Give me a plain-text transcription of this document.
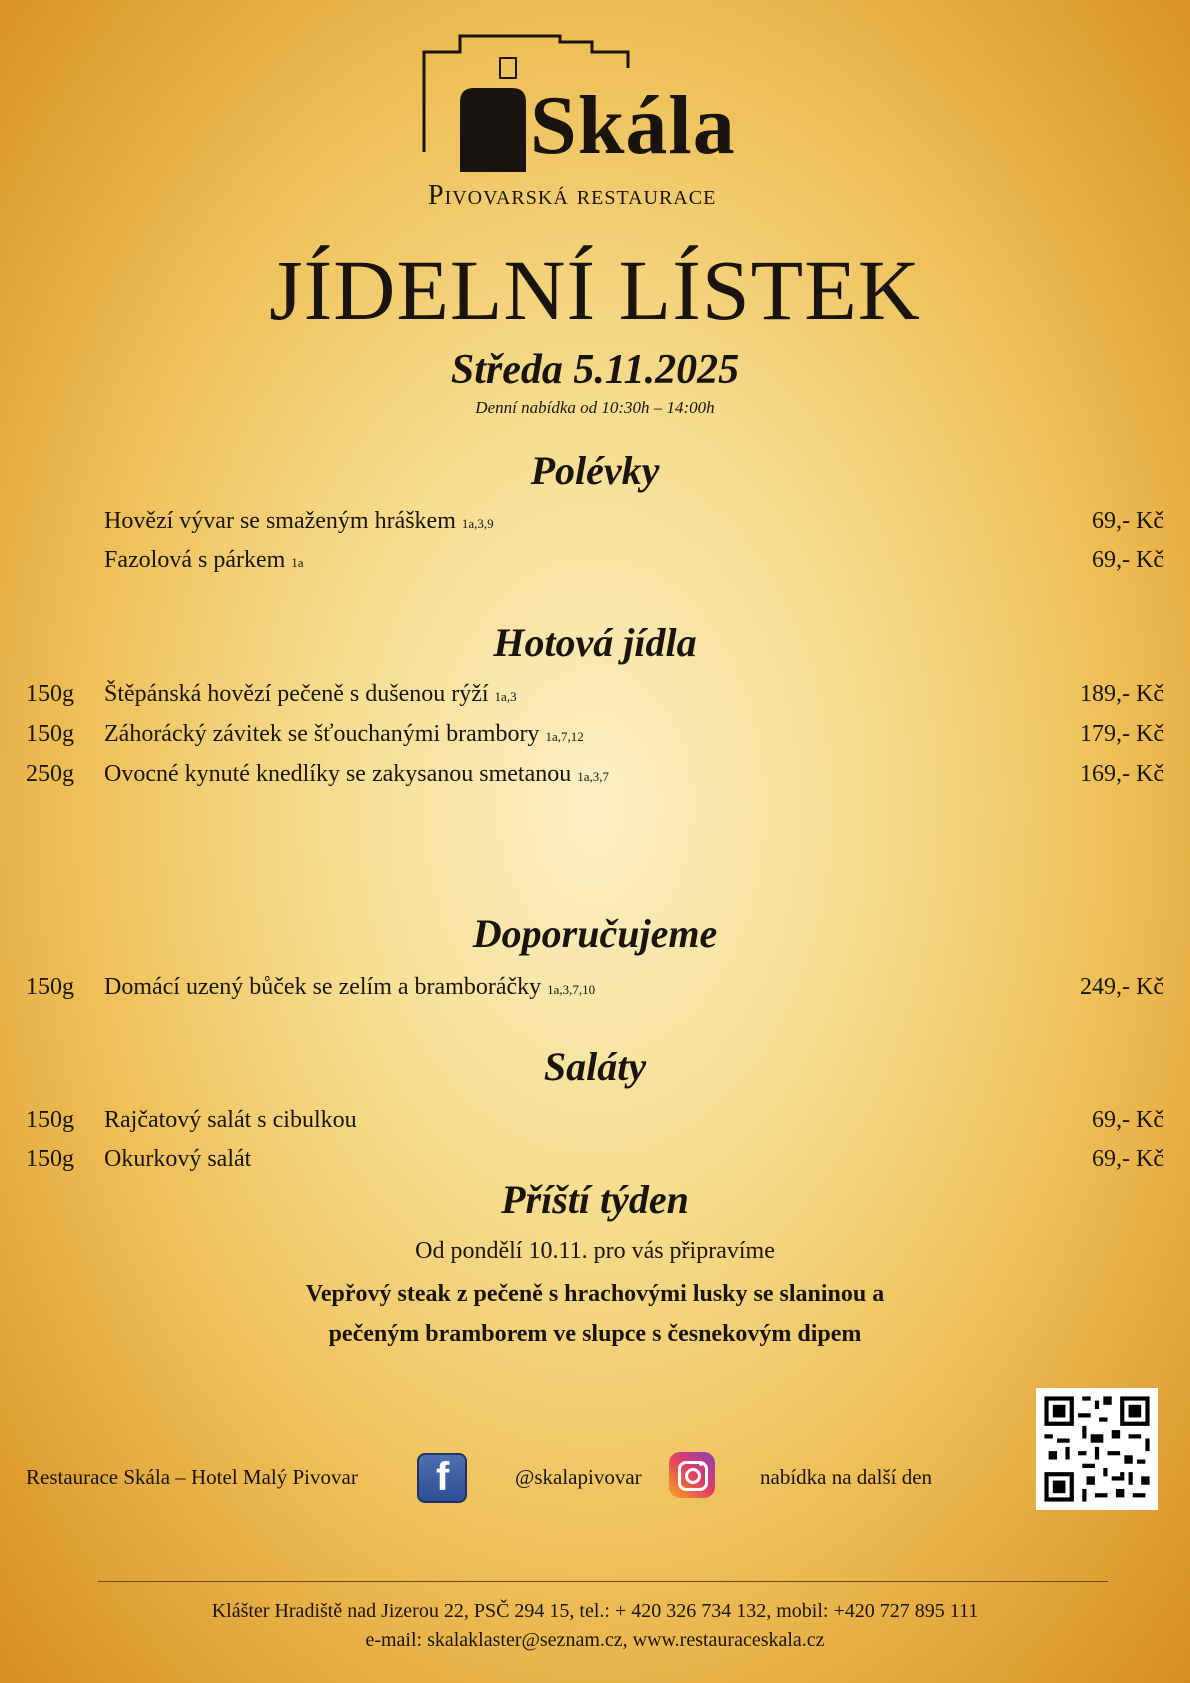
Skála
Pivovarská restaurace
JÍDELNÍ LÍSTEK
Středa 5.11.2025
Denní nabídka od 10:30h – 14:00h
Polévky
Hovězí vývar se smaženým hráškem 1a,3,9	69,- Kč
Fazolová s párkem 1a	69,- Kč
Hotová jídla
150g	Štěpánská hovězí pečeně s dušenou rýží 1a,3	189,- Kč
150g	Záhorácký závitek se šťouchanými brambory 1a,7,12	179,- Kč
250g	Ovocné kynuté knedlíky se zakysanou smetanou 1a,3,7	169,- Kč
Doporučujeme
150g	Domácí uzený bůček se zelím a bramboráčky 1a,3,7,10	249,- Kč
Saláty
150g	Rajčatový salát s cibulkou	69,- Kč
150g	Okurkový salát	69,- Kč
Příští týden
Od pondělí 10.11. pro vás připravíme
Vepřový steak z pečeně s hrachovými lusky se slaninou a
pečeným bramborem ve slupce s česnekovým dipem
Restaurace Skála – Hotel Malý Pivovar f	@skalapivovar	nabídka na další den
Klášter Hradiště nad Jizerou 22, PSČ 294 15, tel.: + 420 326 734 132, mobil: +420 727 895 111
e-mail: skalaklaster@seznam.cz, www.restauraceskala.cz
